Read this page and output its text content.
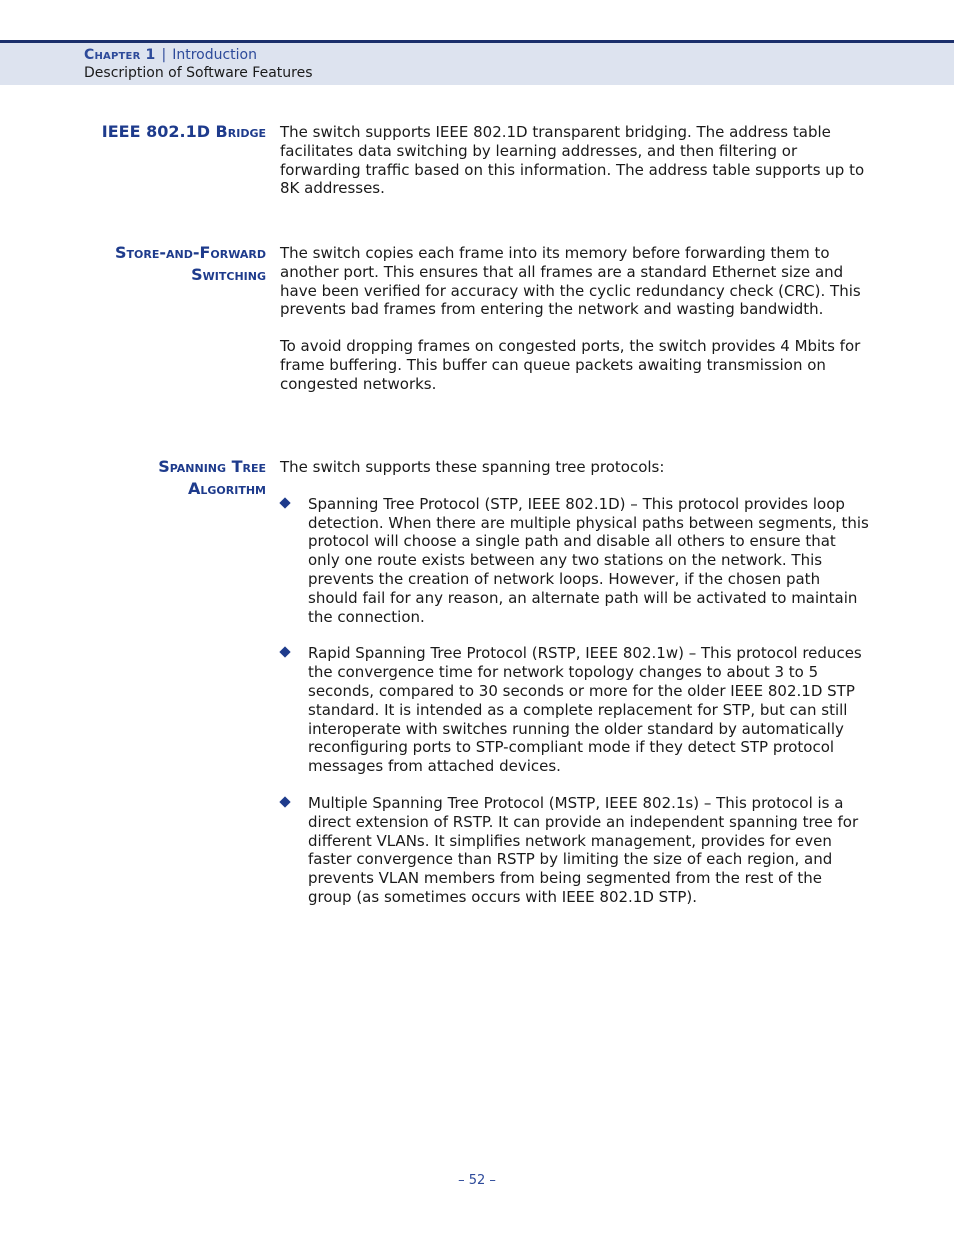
Chapter 1 | Introduction
Description of Software Features
IEEE 802.1D Bridge The switch supports IEEE 802.1D transparent bridging. The address table facilitates data switching by learning addresses, and then filtering or forwarding traffic based on this information. The address table supports up to 8K addresses.

Store-and-Forward
Switching

The switch copies each frame into its memory before forwarding them to another port. This ensures that all frames are a standard Ethernet size and have been verified for accuracy with the cyclic redundancy check (CRC). This prevents bad frames from entering the network and wasting bandwidth.

To avoid dropping frames on congested ports, the switch provides 4 Mbits for frame buffering. This buffer can queue packets awaiting transmission on congested networks.

Spanning Tree
Algorithm

The switch supports these spanning tree protocols:

Spanning Tree Protocol (STP, IEEE 802.1D) – This protocol provides loop detection. When there are multiple physical paths between segments, this protocol will choose a single path and disable all others to ensure that only one route exists between any two stations on the network. This prevents the creation of network loops. However, if the chosen path should fail for any reason, an alternate path will be activated to maintain the connection.

Rapid Spanning Tree Protocol (RSTP, IEEE 802.1w) – This protocol reduces the convergence time for network topology changes to about 3 to 5 seconds, compared to 30 seconds or more for the older IEEE 802.1D STP standard. It is intended as a complete replacement for STP, but can still interoperate with switches running the older standard by automatically reconfiguring ports to STP-compliant mode if they detect STP protocol messages from attached devices.

Multiple Spanning Tree Protocol (MSTP, IEEE 802.1s) – This protocol is a direct extension of RSTP. It can provide an independent spanning tree for different VLANs. It simplifies network management, provides for even faster convergence than RSTP by limiting the size of each region, and prevents VLAN members from being segmented from the rest of the group (as sometimes occurs with IEEE 802.1D STP).

– 52 –
